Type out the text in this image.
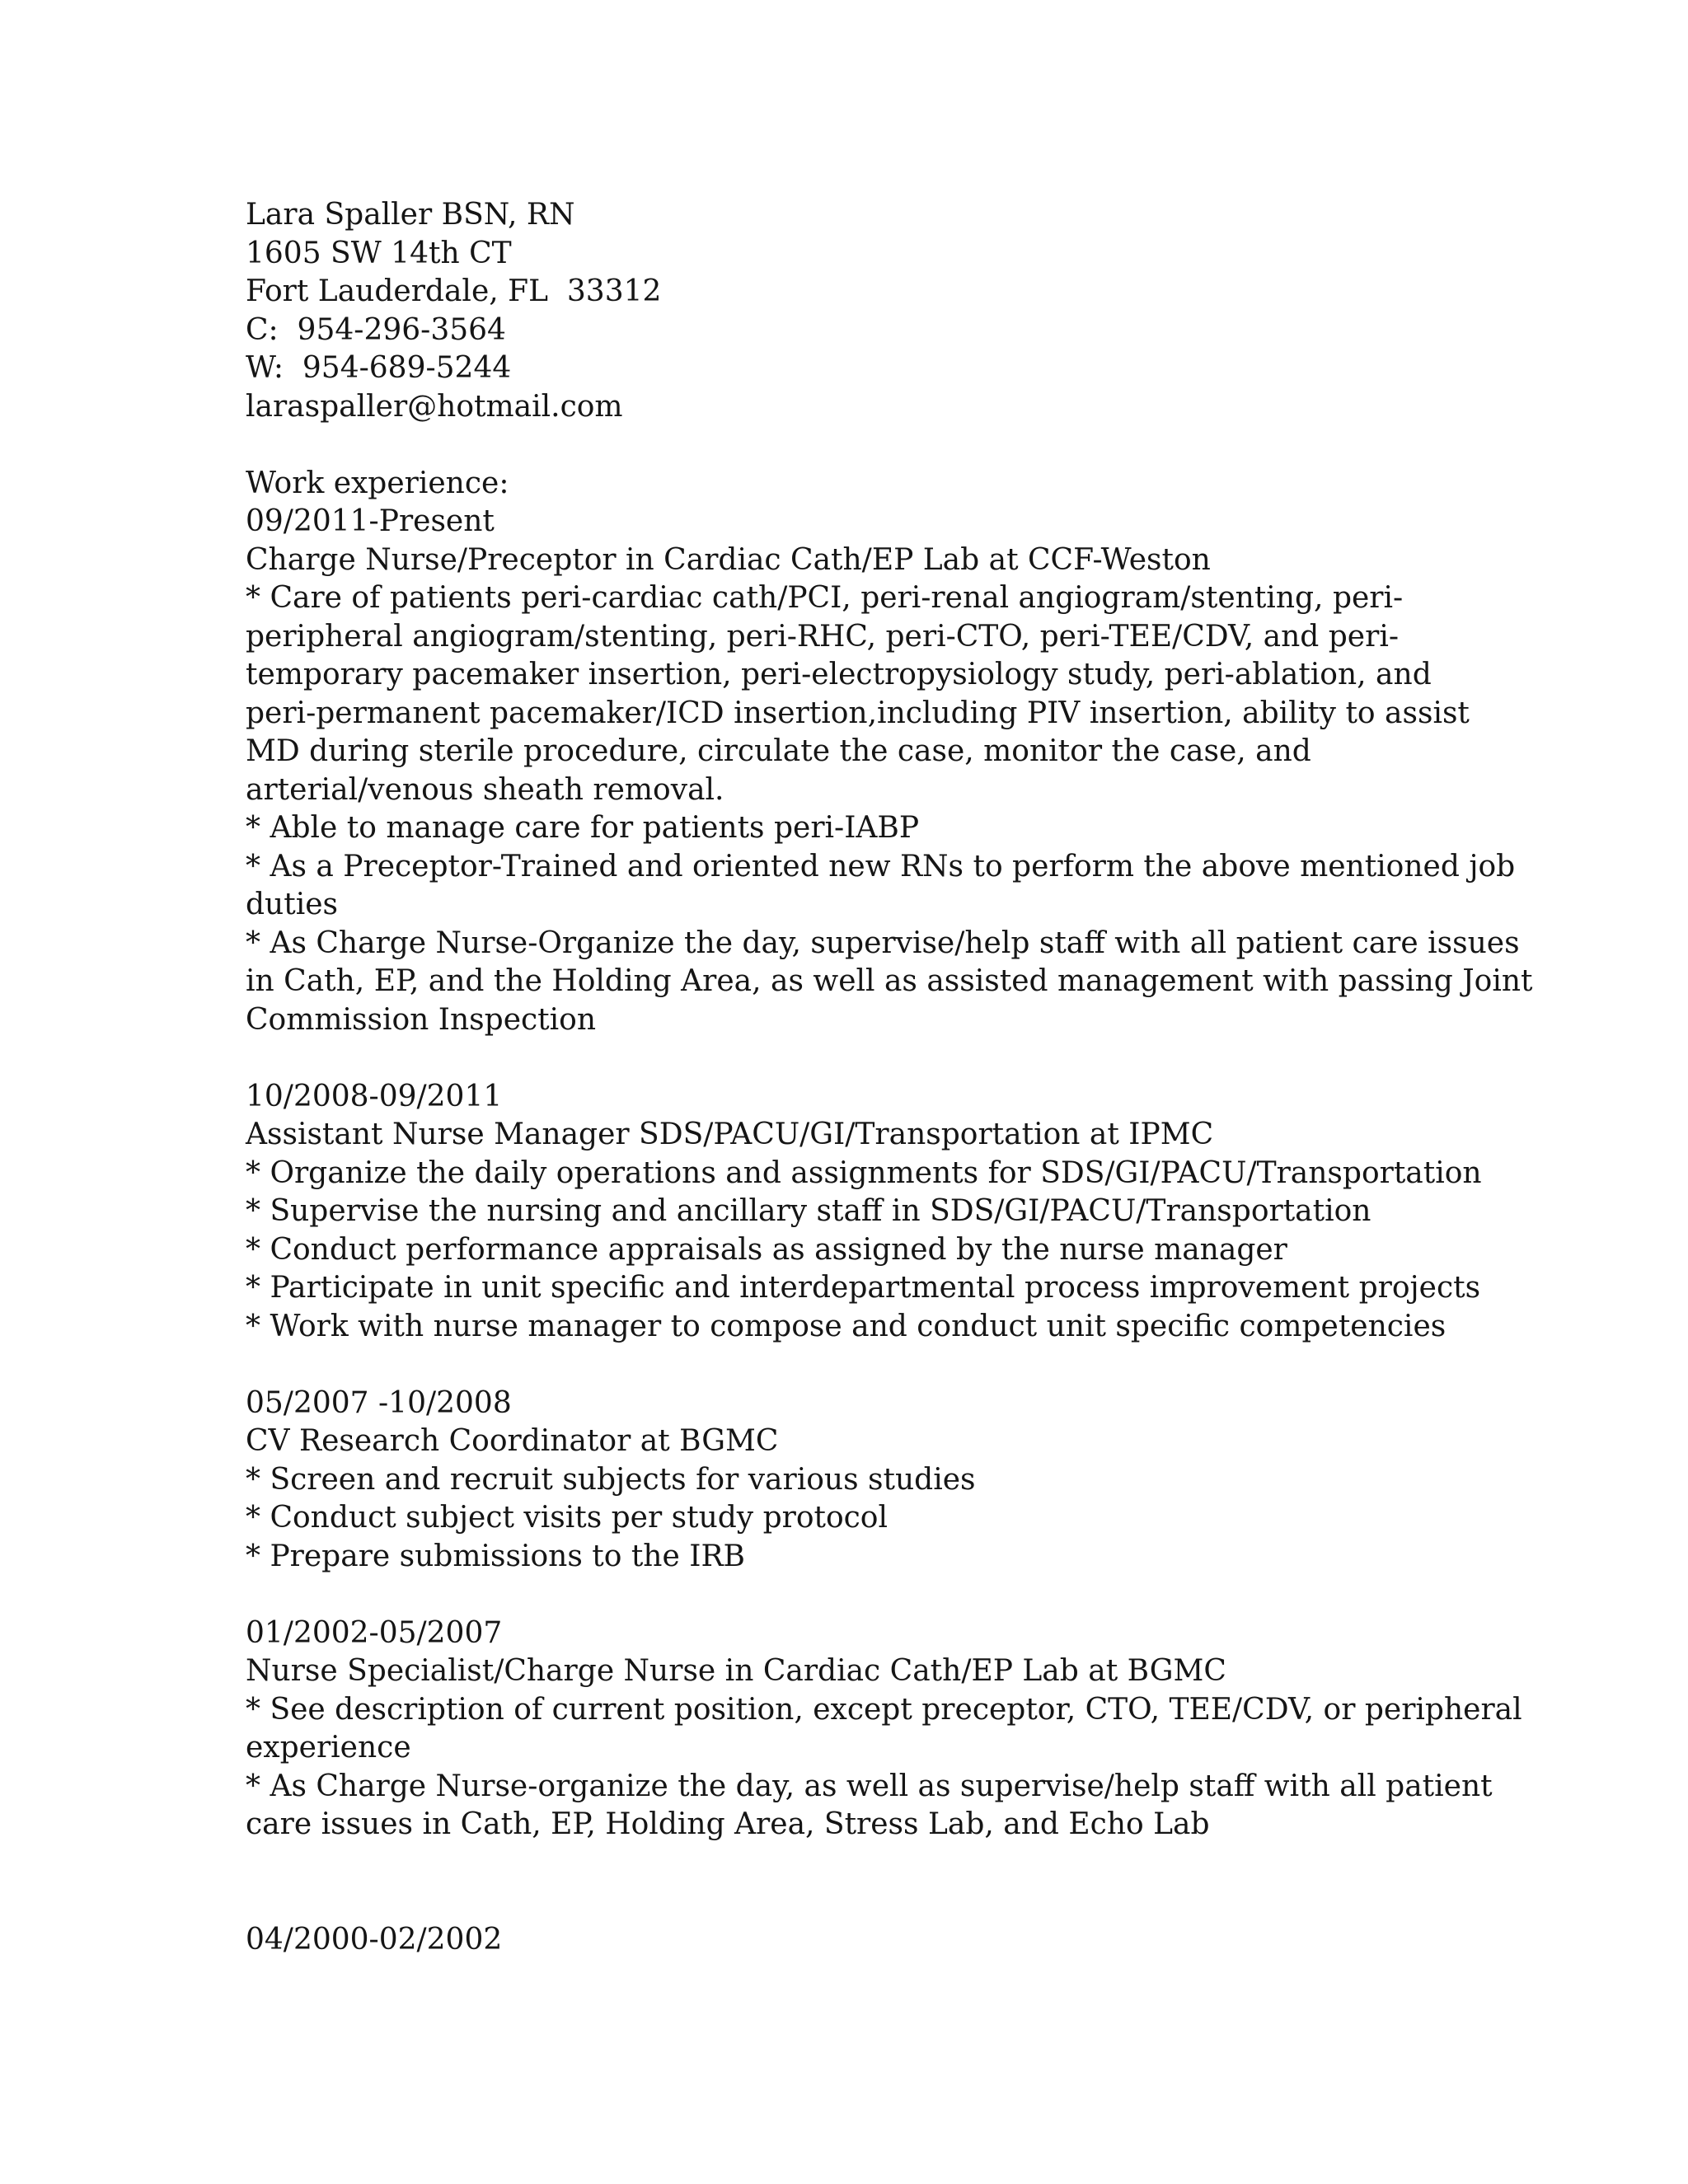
Lara Spaller BSN, RN
1605 SW 14th CT
Fort Lauderdale, FL  33312
C:  954-296-3564
W:  954-689-5244
laraspaller@hotmail.com
Work experience:
09/2011-Present
Charge Nurse/Preceptor in Cardiac Cath/EP Lab at CCF-Weston
* Care of patients peri-cardiac cath/PCI, peri-renal angiogram/stenting, peri-
peripheral angiogram/stenting, peri-RHC, peri-CTO, peri-TEE/CDV, and peri-
temporary pacemaker insertion, peri-electropysiology study, peri-ablation, and
peri-permanent pacemaker/ICD insertion,including PIV insertion, ability to assist
MD during sterile procedure, circulate the case, monitor the case, and
arterial/venous sheath removal.
* Able to manage care for patients peri-IABP
* As a Preceptor-Trained and oriented new RNs to perform the above mentioned job
duties
* As Charge Nurse-Organize the day, supervise/help staff with all patient care issues
in Cath, EP, and the Holding Area, as well as assisted management with passing Joint
Commission Inspection
10/2008-09/2011
Assistant Nurse Manager SDS/PACU/GI/Transportation at IPMC
* Organize the daily operations and assignments for SDS/GI/PACU/Transportation
* Supervise the nursing and ancillary staff in SDS/GI/PACU/Transportation
* Conduct performance appraisals as assigned by the nurse manager
* Participate in unit specific and interdepartmental process improvement projects
* Work with nurse manager to compose and conduct unit specific competencies
05/2007 -10/2008
CV Research Coordinator at BGMC
* Screen and recruit subjects for various studies
* Conduct subject visits per study protocol
* Prepare submissions to the IRB
01/2002-05/2007
Nurse Specialist/Charge Nurse in Cardiac Cath/EP Lab at BGMC
* See description of current position, except preceptor, CTO, TEE/CDV, or peripheral
experience
* As Charge Nurse-organize the day, as well as supervise/help staff with all patient
care issues in Cath, EP, Holding Area, Stress Lab, and Echo Lab
04/2000-02/2002
